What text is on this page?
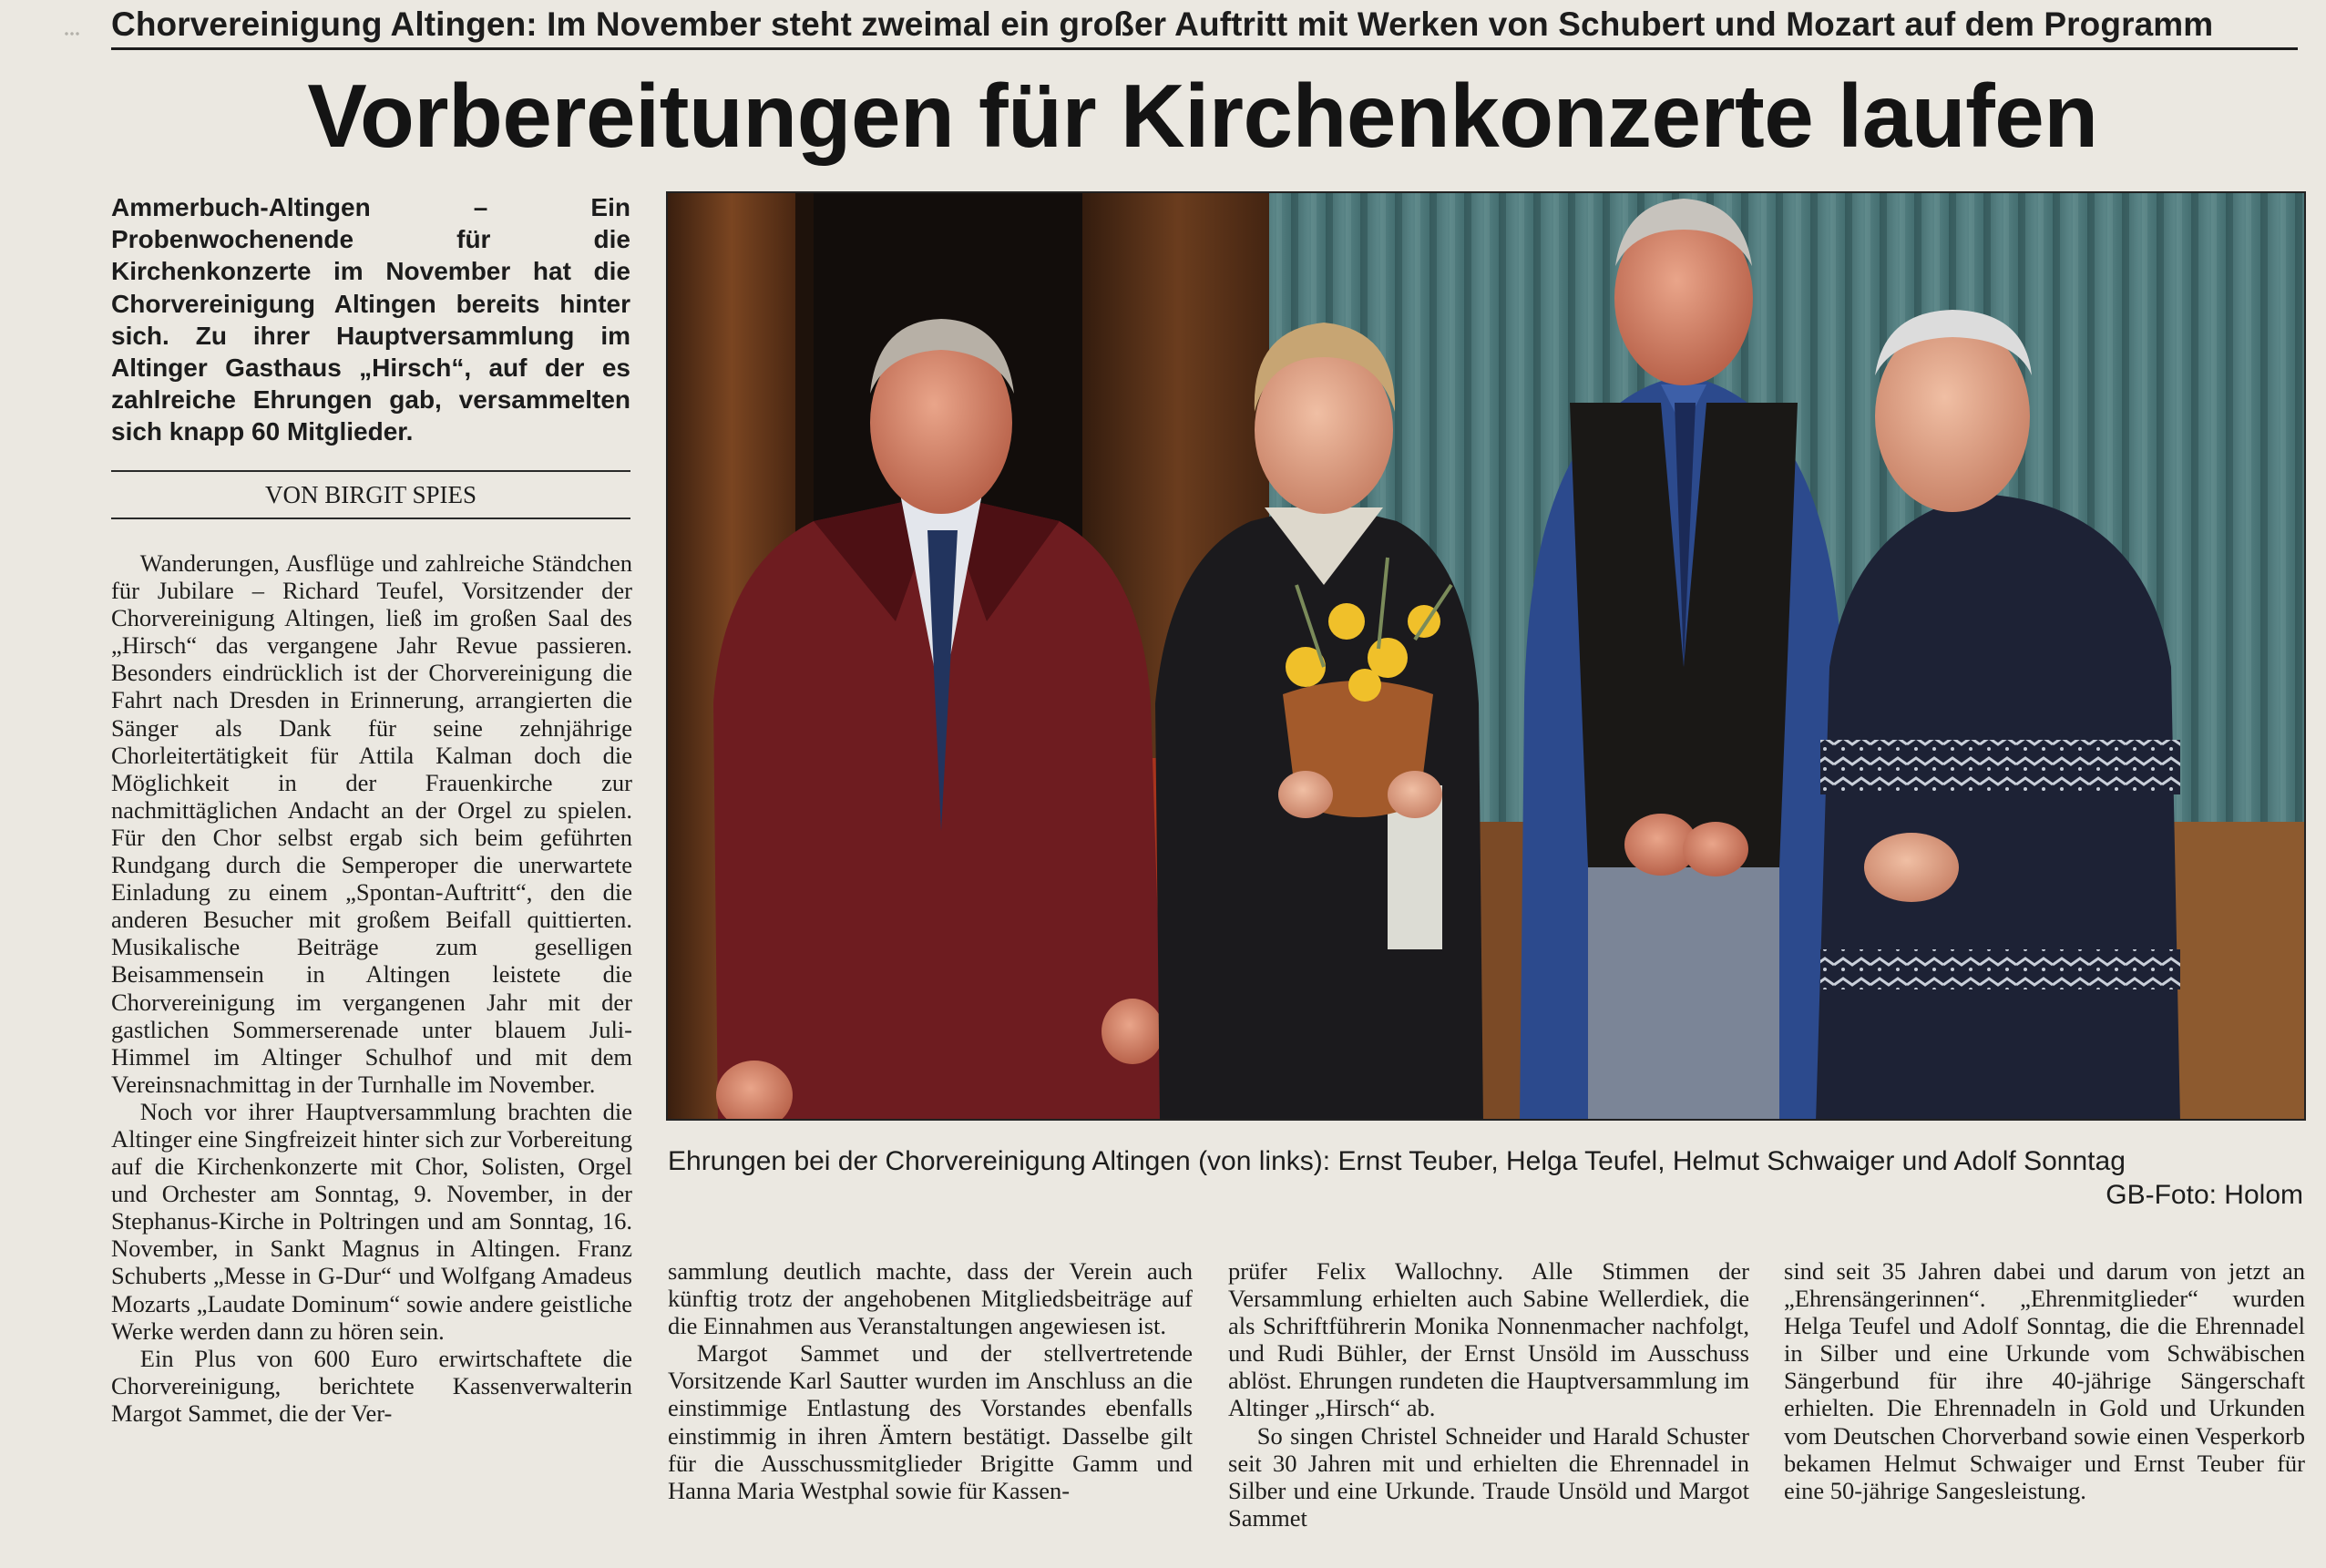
Chorvereinigung Altingen: Im November steht zweimal ein großer Auftritt mit Werken von Schubert und Mozart auf dem Programm
Vorbereitungen für Kirchenkonzerte laufen
Ammerbuch-Altingen – Ein Probenwochenende für die Kirchenkonzerte im November hat die Chorvereinigung Altingen bereits hinter sich. Zu ihrer Hauptversammlung im Altinger Gasthaus „Hirsch“, auf der es zahlreiche Ehrungen gab, versammelten sich knapp 60 Mitglieder.
VON BIRGIT SPIES

Wanderungen, Ausflüge und zahlreiche Ständchen für Jubilare – Richard Teufel, Vorsitzender der Chorvereinigung Altingen, ließ im großen Saal des „Hirsch“ das vergangene Jahr Revue passieren. Besonders eindrücklich ist der Chorvereinigung die Fahrt nach Dresden in Erinnerung, arrangierten die Sänger als Dank für seine zehnjährige Chorleitertätigkeit für Attila Kalman doch die Möglichkeit in der Frauenkirche zur nachmittäglichen Andacht an der Orgel zu spielen. Für den Chor selbst ergab sich beim geführten Rundgang durch die Semperoper die unerwartete Einladung zu einem „Spontan-Auftritt“, den die anderen Besucher mit großem Beifall quittierten. Musikalische Beiträge zum geselligen Beisammensein in Altingen leistete die Chorvereinigung im vergangenen Jahr mit der gastlichen Sommerserenade unter blauem Juli-Himmel im Altinger Schulhof und mit dem Vereinsnachmittag in der Turnhalle im November.

Noch vor ihrer Hauptversammlung brachten die Altinger eine Singfreizeit hinter sich zur Vorbereitung auf die Kirchenkonzerte mit Chor, Solisten, Orgel und Orchester am Sonntag, 9. November, in der Stephanus-Kirche in Poltringen und am Sonntag, 16. November, in Sankt Magnus in Altingen. Franz Schuberts „Messe in G-Dur“ und Wolfgang Amadeus Mozarts „Laudate Dominum“ sowie andere geistliche Werke werden dann zu hören sein.

Ein Plus von 600 Euro erwirtschaftete die Chorvereinigung, berichtete Kassenverwalterin Margot Sammet, die der Ver-

Ehrungen bei der Chorvereinigung Altingen (von links): Ernst Teuber, Helga Teufel, Helmut Schwaiger und Adolf Sonntag
GB-Foto: Holom

sammlung deutlich machte, dass der Verein auch künftig trotz der angehobenen Mitgliedsbeiträge auf die Einnahmen aus Veranstaltungen angewiesen ist.

Margot Sammet und der stellvertretende Vorsitzende Karl Sautter wurden im Anschluss an die einstimmige Entlastung des Vorstandes ebenfalls einstimmig in ihren Ämtern bestätigt. Dasselbe gilt für die Ausschussmitglieder Brigitte Gamm und Hanna Maria Westphal sowie für Kassen-

prüfer Felix Wallochny. Alle Stimmen der Versammlung erhielten auch Sabine Wellerdiek, die als Schriftführerin Monika Nonnenmacher nachfolgt, und Rudi Bühler, der Ernst Unsöld im Ausschuss ablöst. Ehrungen rundeten die Hauptversammlung im Altinger „Hirsch“ ab.

So singen Christel Schneider und Harald Schuster seit 30 Jahren mit und erhielten die Ehrennadel in Silber und eine Urkunde. Traude Unsöld und Margot Sammet

sind seit 35 Jahren dabei und darum von jetzt an „Ehrensängerinnen“. „Ehrenmitglieder“ wurden Helga Teufel und Adolf Sonntag, die die Ehrennadel in Silber und eine Urkunde vom Schwäbischen Sängerbund für ihre 40-jährige Sängerschaft erhielten. Die Ehrennadeln in Gold und Urkunden vom Deutschen Chorverband sowie einen Vesperkorb bekamen Helmut Schwaiger und Ernst Teuber für eine 50-jährige Sangesleistung.
